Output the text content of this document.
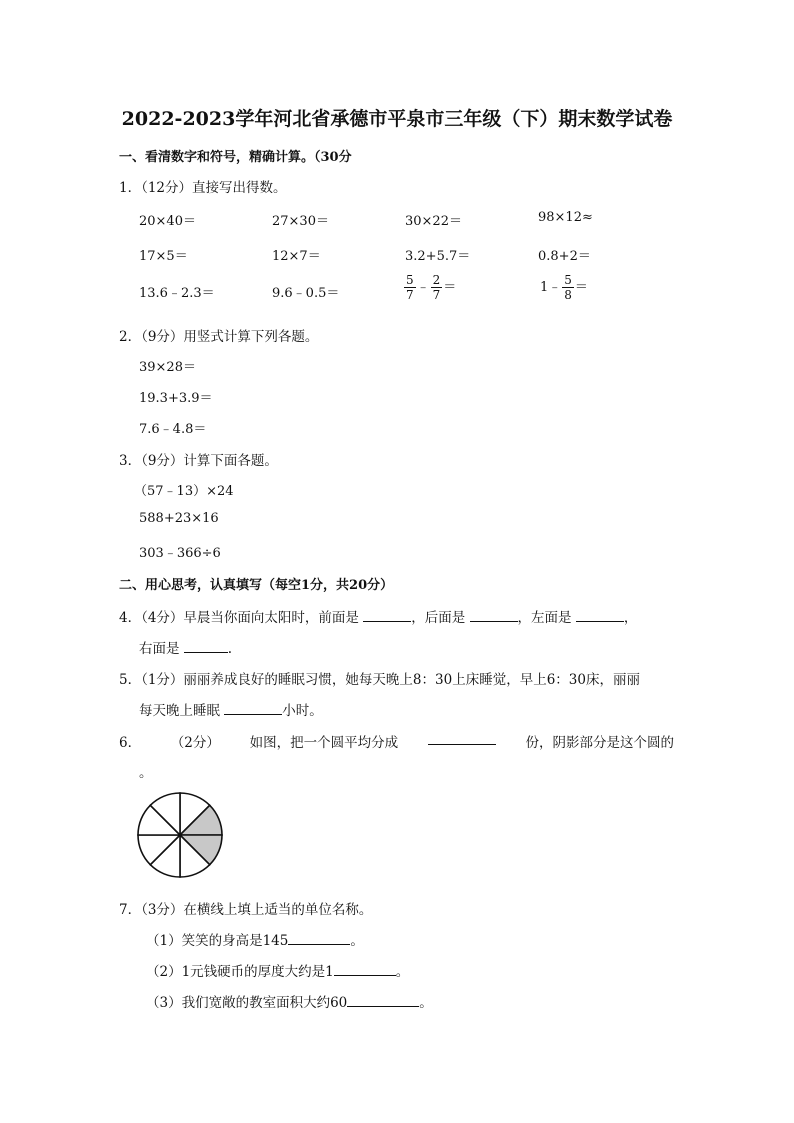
2022-2023学年河北省承德市平泉市三年级（下）期末数学试卷
一、看清数字和符号，精确计算。（30分
1．（12分）直接写出得数。
20×40＝	27×30＝	30×22＝	98×12≈
17×5＝	12×7＝	3.2+5.7＝	0.8+2＝
13.6﹣2.3＝	9.6﹣0.5＝	$\frac{5}{7}$ ﹣ $\frac{2}{7}$ ＝	1﹣ $\frac{5}{8}$ ＝
2．（9分）用竖式计算下列各题。
39×28＝
19.3+3.9＝
7.6﹣4.8＝
3．（9分）计算下面各题。
（57﹣13）×24
588+23×16
303﹣366÷6
二、用心思考，认真填写（每空1分，共20分）
4．（4分）早晨当你面向太阳时，前面是	，后面是	，左面是	，
右面是	.
5．（1分）丽丽养成良好的睡眠习惯，她每天晚上8：30上床睡觉，早上6：30床，丽丽
每天晚上睡眠	小时。
6． （2分） 如图，把一个圆平均分成	份，阴影部分是这个圆的
。
7．（3分）在横线上填上适当的单位名称。
（1）笑笑的身高是145	。
（2）1元钱硬币的厚度大约是1	。
（3）我们宽敞的教室面积大约60	。
